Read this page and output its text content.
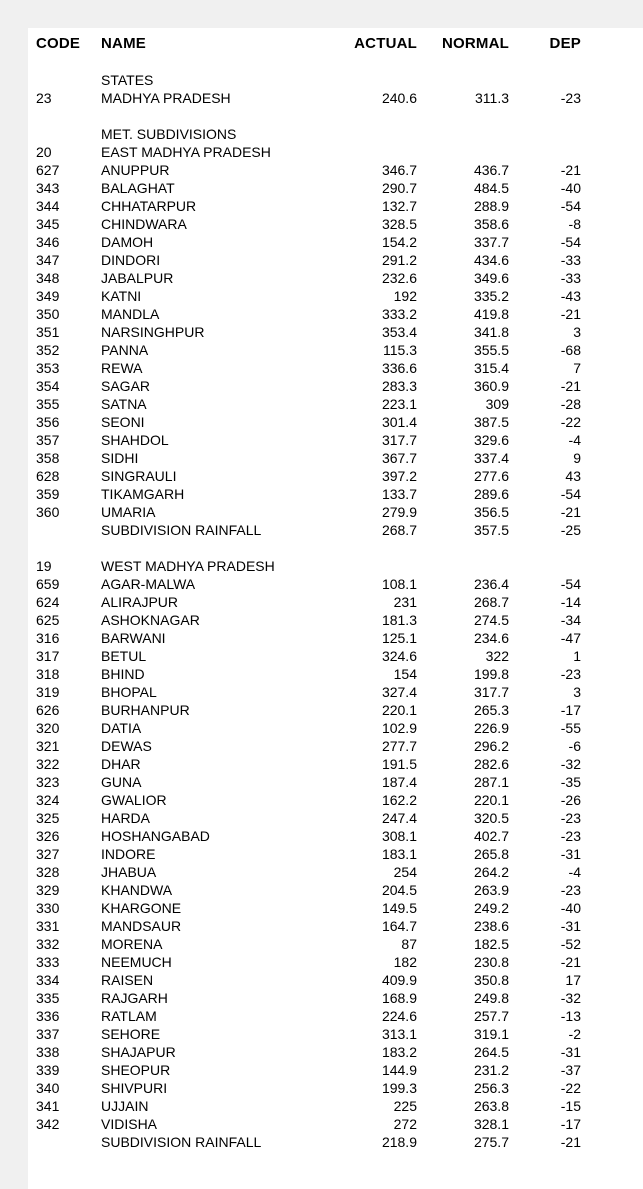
CODE	NAME	ACTUAL	NORMAL	DEP

	STATES			
23	MADHYA PRADESH	240.6	311.3	-23

	MET. SUBDIVISIONS			
20	EAST MADHYA PRADESH			
627	ANUPPUR	346.7	436.7	-21
343	BALAGHAT	290.7	484.5	-40
344	CHHATARPUR	132.7	288.9	-54
345	CHINDWARA	328.5	358.6	-8
346	DAMOH	154.2	337.7	-54
347	DINDORI	291.2	434.6	-33
348	JABALPUR	232.6	349.6	-33
349	KATNI	192	335.2	-43
350	MANDLA	333.2	419.8	-21
351	NARSINGHPUR	353.4	341.8	3
352	PANNA	115.3	355.5	-68
353	REWA	336.6	315.4	7
354	SAGAR	283.3	360.9	-21
355	SATNA	223.1	309	-28
356	SEONI	301.4	387.5	-22
357	SHAHDOL	317.7	329.6	-4
358	SIDHI	367.7	337.4	9
628	SINGRAULI	397.2	277.6	43
359	TIKAMGARH	133.7	289.6	-54
360	UMARIA	279.9	356.5	-21
	SUBDIVISION RAINFALL	268.7	357.5	-25

19	WEST MADHYA PRADESH			
659	AGAR-MALWA	108.1	236.4	-54
624	ALIRAJPUR	231	268.7	-14
625	ASHOKNAGAR	181.3	274.5	-34
316	BARWANI	125.1	234.6	-47
317	BETUL	324.6	322	1
318	BHIND	154	199.8	-23
319	BHOPAL	327.4	317.7	3
626	BURHANPUR	220.1	265.3	-17
320	DATIA	102.9	226.9	-55
321	DEWAS	277.7	296.2	-6
322	DHAR	191.5	282.6	-32
323	GUNA	187.4	287.1	-35
324	GWALIOR	162.2	220.1	-26
325	HARDA	247.4	320.5	-23
326	HOSHANGABAD	308.1	402.7	-23
327	INDORE	183.1	265.8	-31
328	JHABUA	254	264.2	-4
329	KHANDWA	204.5	263.9	-23
330	KHARGONE	149.5	249.2	-40
331	MANDSAUR	164.7	238.6	-31
332	MORENA	87	182.5	-52
333	NEEMUCH	182	230.8	-21
334	RAISEN	409.9	350.8	17
335	RAJGARH	168.9	249.8	-32
336	RATLAM	224.6	257.7	-13
337	SEHORE	313.1	319.1	-2
338	SHAJAPUR	183.2	264.5	-31
339	SHEOPUR	144.9	231.2	-37
340	SHIVPURI	199.3	256.3	-22
341	UJJAIN	225	263.8	-15
342	VIDISHA	272	328.1	-17
	SUBDIVISION RAINFALL	218.9	275.7	-21
